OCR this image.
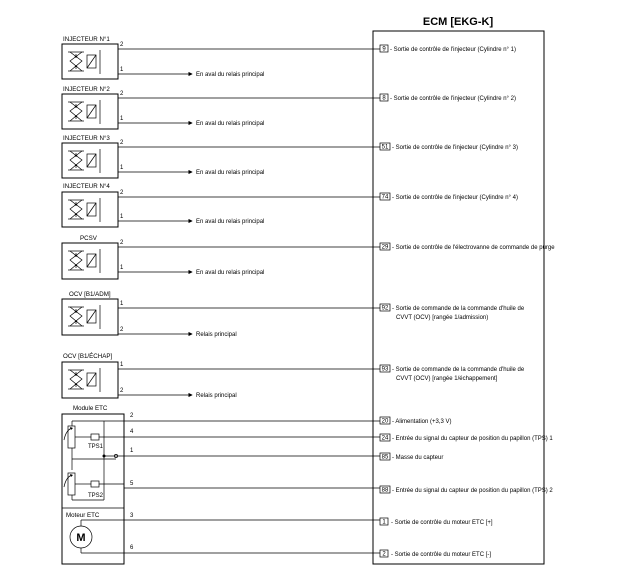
ECM [EKG-K]
INJECTEUR N°1
2
1
En aval du relais principal
9 - Sortie de contrôle de l'injecteur (Cylindre n° 1)
INJECTEUR N°2
2
1
En aval du relais principal
8 - Sortie de contrôle de l'injecteur (Cylindre n° 2)
INJECTEUR N°3
2
1
En aval du relais principal
51 - Sortie de contrôle de l'injecteur (Cylindre n° 3)
INJECTEUR N°4
2
1
En aval du relais principal
74 - Sortie de contrôle de l'injecteur (Cylindre n° 4)
PCSV
2
1
En aval du relais principal
29 - Sortie de contrôle de l'électrovanne de commande de purge
OCV [B1/ADM]
1
2
Relais principal
92 - Sortie de commande de la commande d'huile de
CVVT (OCV) [rangée 1/admission)
OCV [B1/ÉCHAP]
1
2
Relais principal
93 - Sortie de commande de la commande d'huile de
CVVT (OCV) [rangée 1/échappement]
Module ETC
Moteur ETC
TPS1
TPS2
M
2
20 - Alimentation (+3,3 V)
4
24 - Entrée du signal du capteur de position du papillon (TPS) 1
1
85 - Masse du capteur
5
88 - Entrée du signal du capteur de position du papillon (TPS) 2
3
1 - Sortie de contrôle du moteur ETC [+]
6
2 - Sortie de contrôle du moteur ETC [-]
